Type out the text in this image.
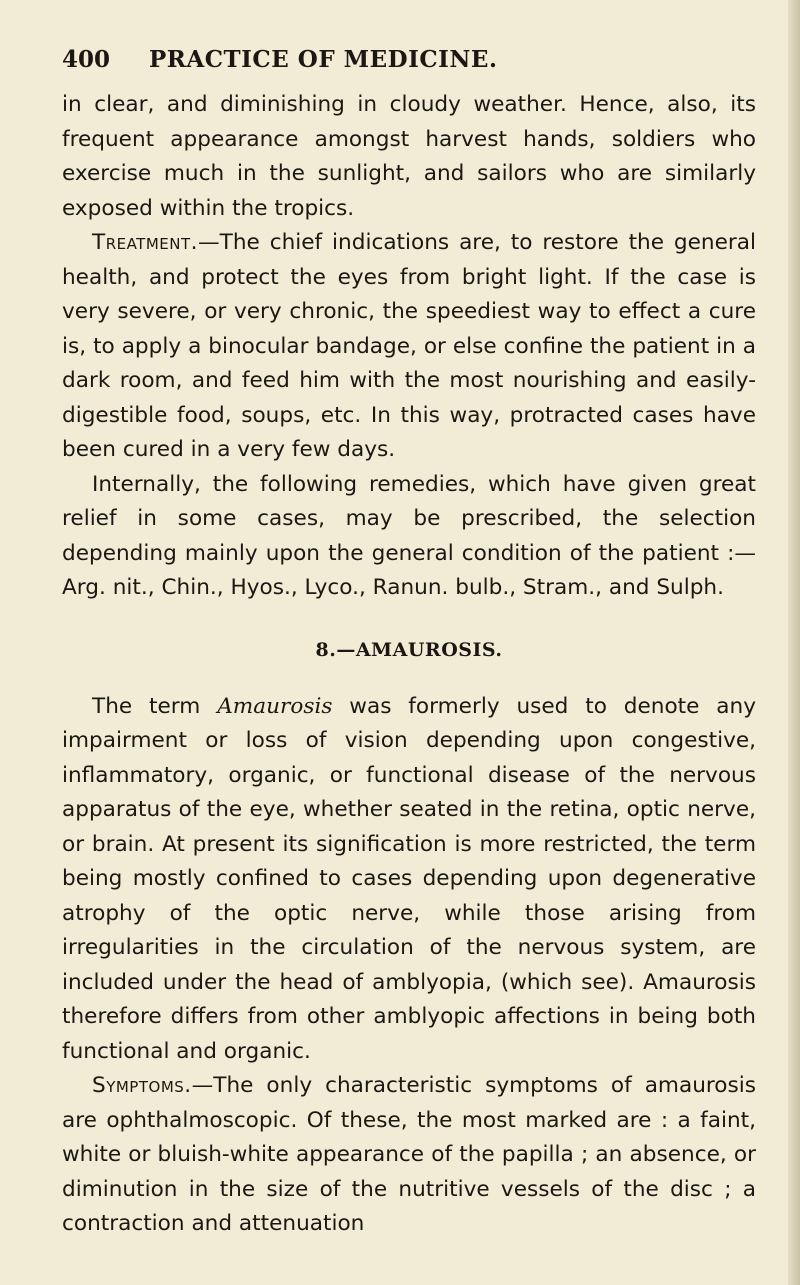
400 PRACTICE OF MEDICINE.

in clear, and diminishing in cloudy weather. Hence, also, its frequent appearance amongst harvest hands, soldiers who exercise much in the sunlight, and sailors who are similarly exposed within the tropics.

Treatment.—The chief indications are, to restore the general health, and protect the eyes from bright light. If the case is very severe, or very chronic, the speediest way to effect a cure is, to apply a binocular bandage, or else confine the patient in a dark room, and feed him with the most nourishing and easily-digestible food, soups, etc. In this way, protracted cases have been cured in a very few days.

Internally, the following remedies, which have given great relief in some cases, may be prescribed, the selection depending mainly upon the general condition of the patient :—Arg. nit., Chin., Hyos., Lyco., Ranun. bulb., Stram., and Sulph.

8.—AMAUROSIS.

The term Amaurosis was formerly used to denote any impairment or loss of vision depending upon congestive, inflammatory, organic, or functional disease of the nervous apparatus of the eye, whether seated in the retina, optic nerve, or brain. At present its signification is more restricted, the term being mostly confined to cases depending upon degenerative atrophy of the optic nerve, while those arising from irregularities in the circulation of the nervous system, are included under the head of amblyopia, (which see). Amaurosis therefore differs from other amblyopic affections in being both functional and organic.

Symptoms.—The only characteristic symptoms of amaurosis are ophthalmoscopic. Of these, the most marked are : a faint, white or bluish-white appearance of the papilla ; an absence, or diminution in the size of the nutritive vessels of the disc ; a contraction and attenuation
